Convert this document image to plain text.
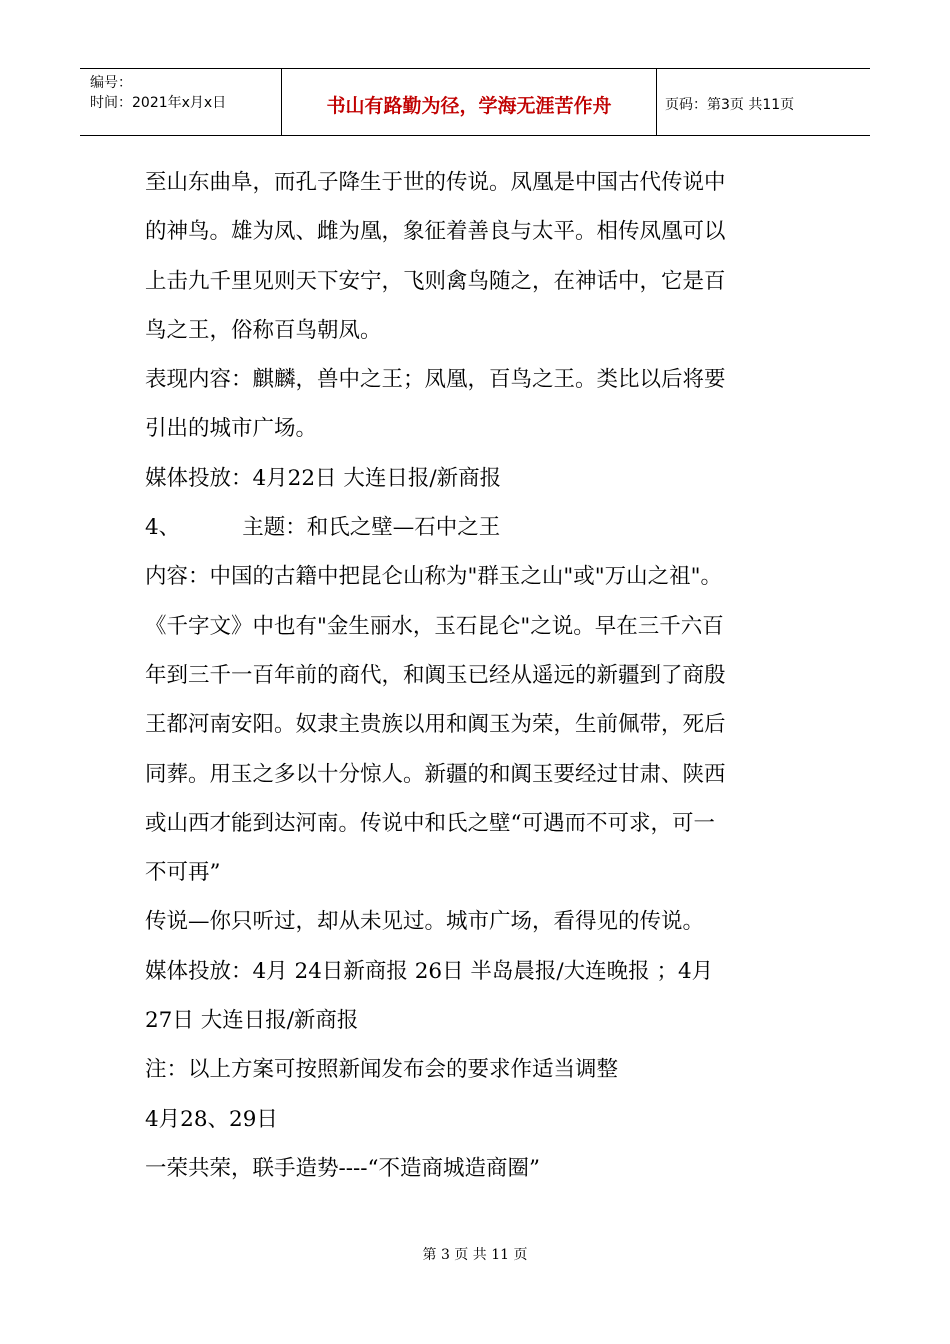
编号：
时间：2021年x月x日	书山有路勤为径，学海无涯苦作舟	页码：第3页 共11页
至山东曲阜，而孔子降生于世的传说。凤凰是中国古代传说中
的神鸟。雄为凤、雌为凰，象征着善良与太平。相传凤凰可以
上击九千里见则天下安宁，飞则禽鸟随之，在神话中，它是百
鸟之王，俗称百鸟朝凤。
表现内容：麒麟，兽中之王；凤凰，百鸟之王。类比以后将要
引出的城市广场。
媒体投放：4月22日 大连日报/新商报
4、	主题：和氏之壁—石中之王
内容：中国的古籍中把昆仑山称为"群玉之山"或"万山之祖"。
《千字文》中也有"金生丽水，玉石昆仑"之说。早在三千六百
年到三千一百年前的商代，和阗玉已经从遥远的新疆到了商殷
王都河南安阳。奴隶主贵族以用和阗玉为荣，生前佩带，死后
同葬。用玉之多以十分惊人。新疆的和阗玉要经过甘肃、陕西
或山西才能到达河南。传说中和氏之壁“可遇而不可求，可一
不可再”
传说—你只听过，却从未见过。城市广场，看得见的传说。
媒体投放：4月 24日新商报 26日 半岛晨报/大连晚报 ；4月
27日 大连日报/新商报
注：以上方案可按照新闻发布会的要求作适当调整
4月28、29日
一荣共荣，联手造势----“不造商城造商圈”
第 3 页 共 11 页
